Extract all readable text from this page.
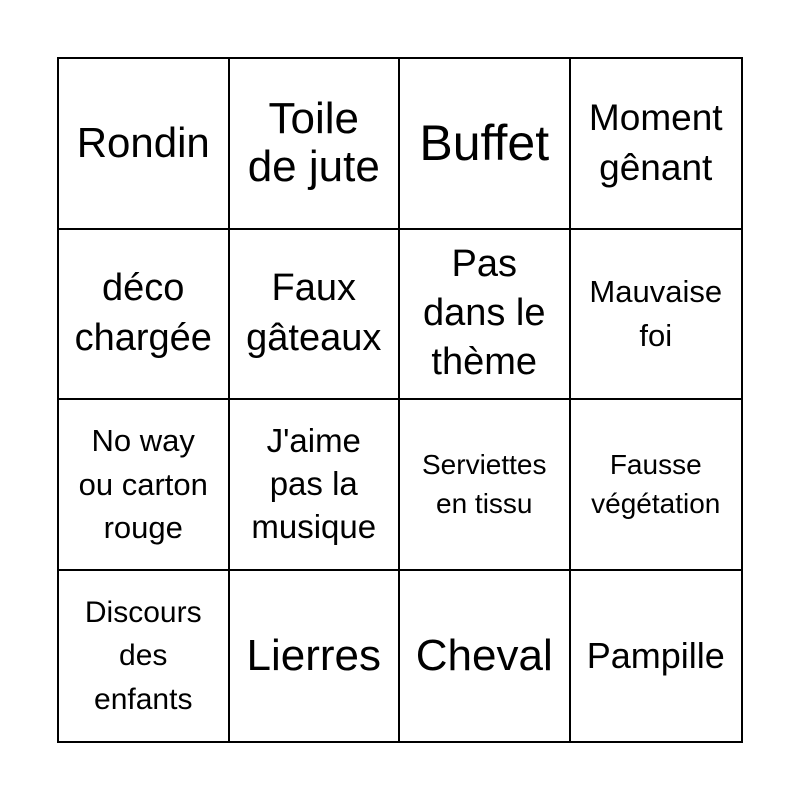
Rondin	Toile
de jute Buffet Moment
gênant
déco
chargée
Faux
gâteaux
Pas
dans le
thème
Mauvaise
foi
No way
ou carton
rouge
J'aime
pas la
musique
Serviettes
en tissu
Fausse
végétation
Discours
des
enfants
Lierres Cheval Pampille
